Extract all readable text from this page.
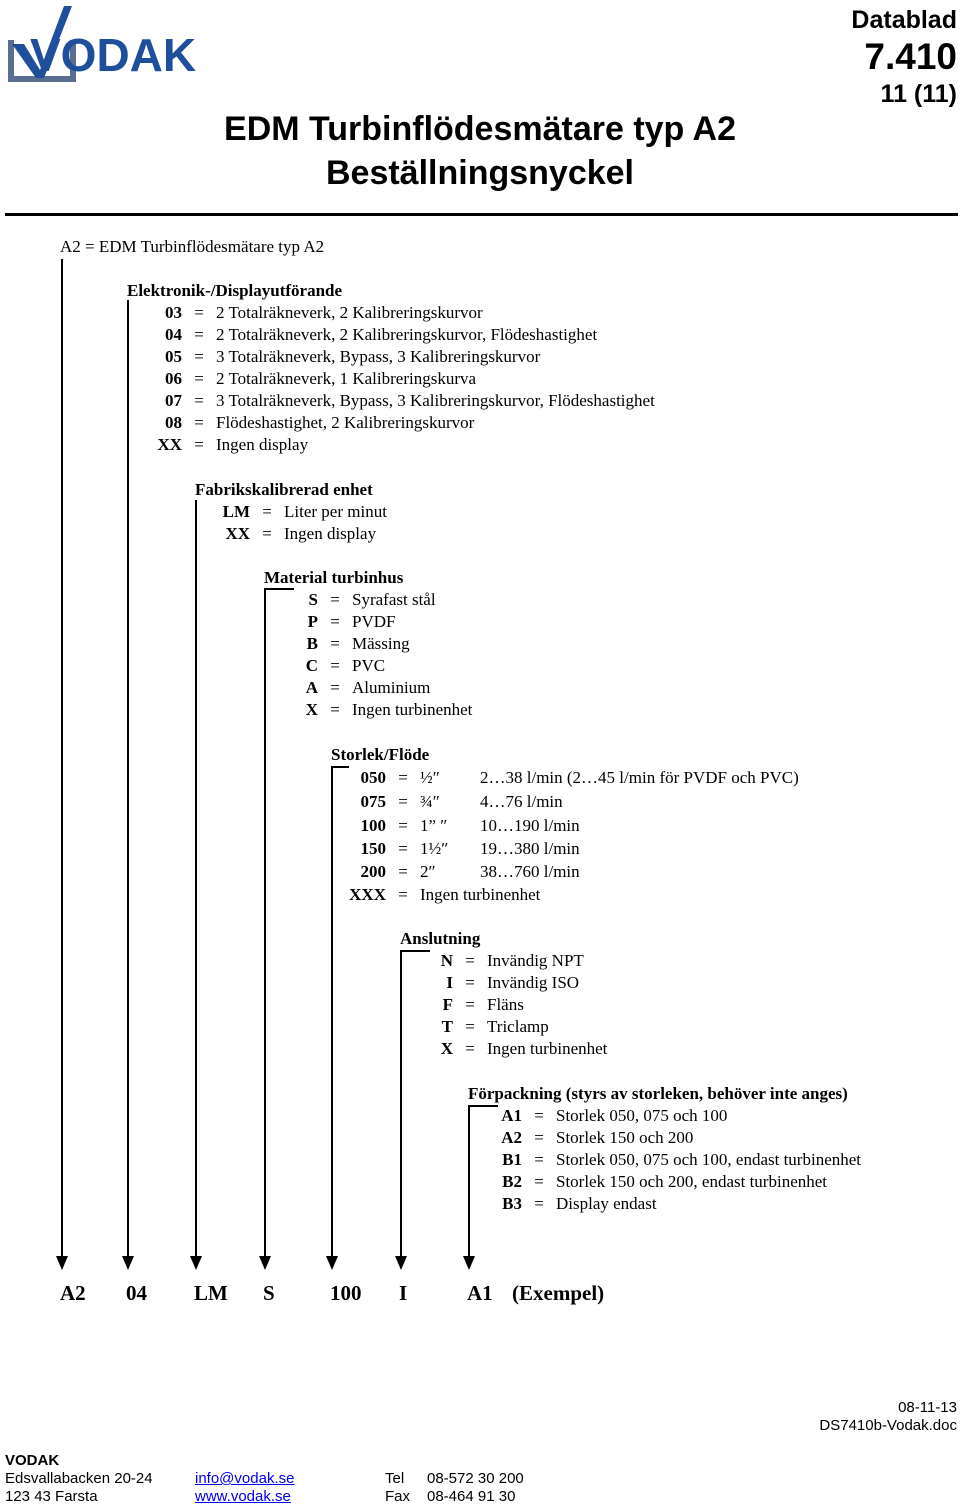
VODAK
Datablad
7.410
11 (11)
EDM Turbinflödesmätare typ A2
Beställningsnyckel
A2 = EDM Turbinflödesmätare typ A2
Elektronik-/Displayutförande
03 = 2 Totalräkneverk, 2 Kalibreringskurvor
04 = 2 Totalräkneverk, 2 Kalibreringskurvor, Flödeshastighet
05 = 3 Totalräkneverk, Bypass, 3 Kalibreringskurvor
06 = 2 Totalräkneverk, 1 Kalibreringskurva
07 = 3 Totalräkneverk, Bypass, 3 Kalibreringskurvor, Flödeshastighet
08 = Flödeshastighet, 2 Kalibreringskurvor
XX = Ingen display
Fabrikskalibrerad enhet
LM = Liter per minut
XX = Ingen display
Material turbinhus
S = Syrafast stål
P = PVDF
B = Mässing
C = PVC
A = Aluminium
X = Ingen turbinenhet
Storlek/Flöde
050 = ½″	2…38 l/min (2…45 l/min för PVDF och PVC)
075 = ¾″	4…76 l/min
100 = 1” ″	10…190 l/min
150 = 1½″	19…380 l/min
200 = 2″	38…760 l/min
XXX = Ingen turbinenhet
Anslutning
N = Invändig NPT
I = Invändig ISO
F = Fläns
T = Triclamp
X = Ingen turbinenhet
Förpackning (styrs av storleken, behöver inte anges)
A1 = Storlek 050, 075 och 100
A2 = Storlek 150 och 200
B1 = Storlek 050, 075 och 100, endast turbinenhet
B2 = Storlek 150 och 200, endast turbinenhet
B3 = Display endast
A2 04 LM S	100 I	A1 (Exempel)
08-11-13
DS7410b-Vodak.doc
VODAK
Edsvallabacken 20-24
123 43 Farsta
info@vodak.se
www.vodak.se
Tel 08-572 30 200
Fax 08-464 91 30
